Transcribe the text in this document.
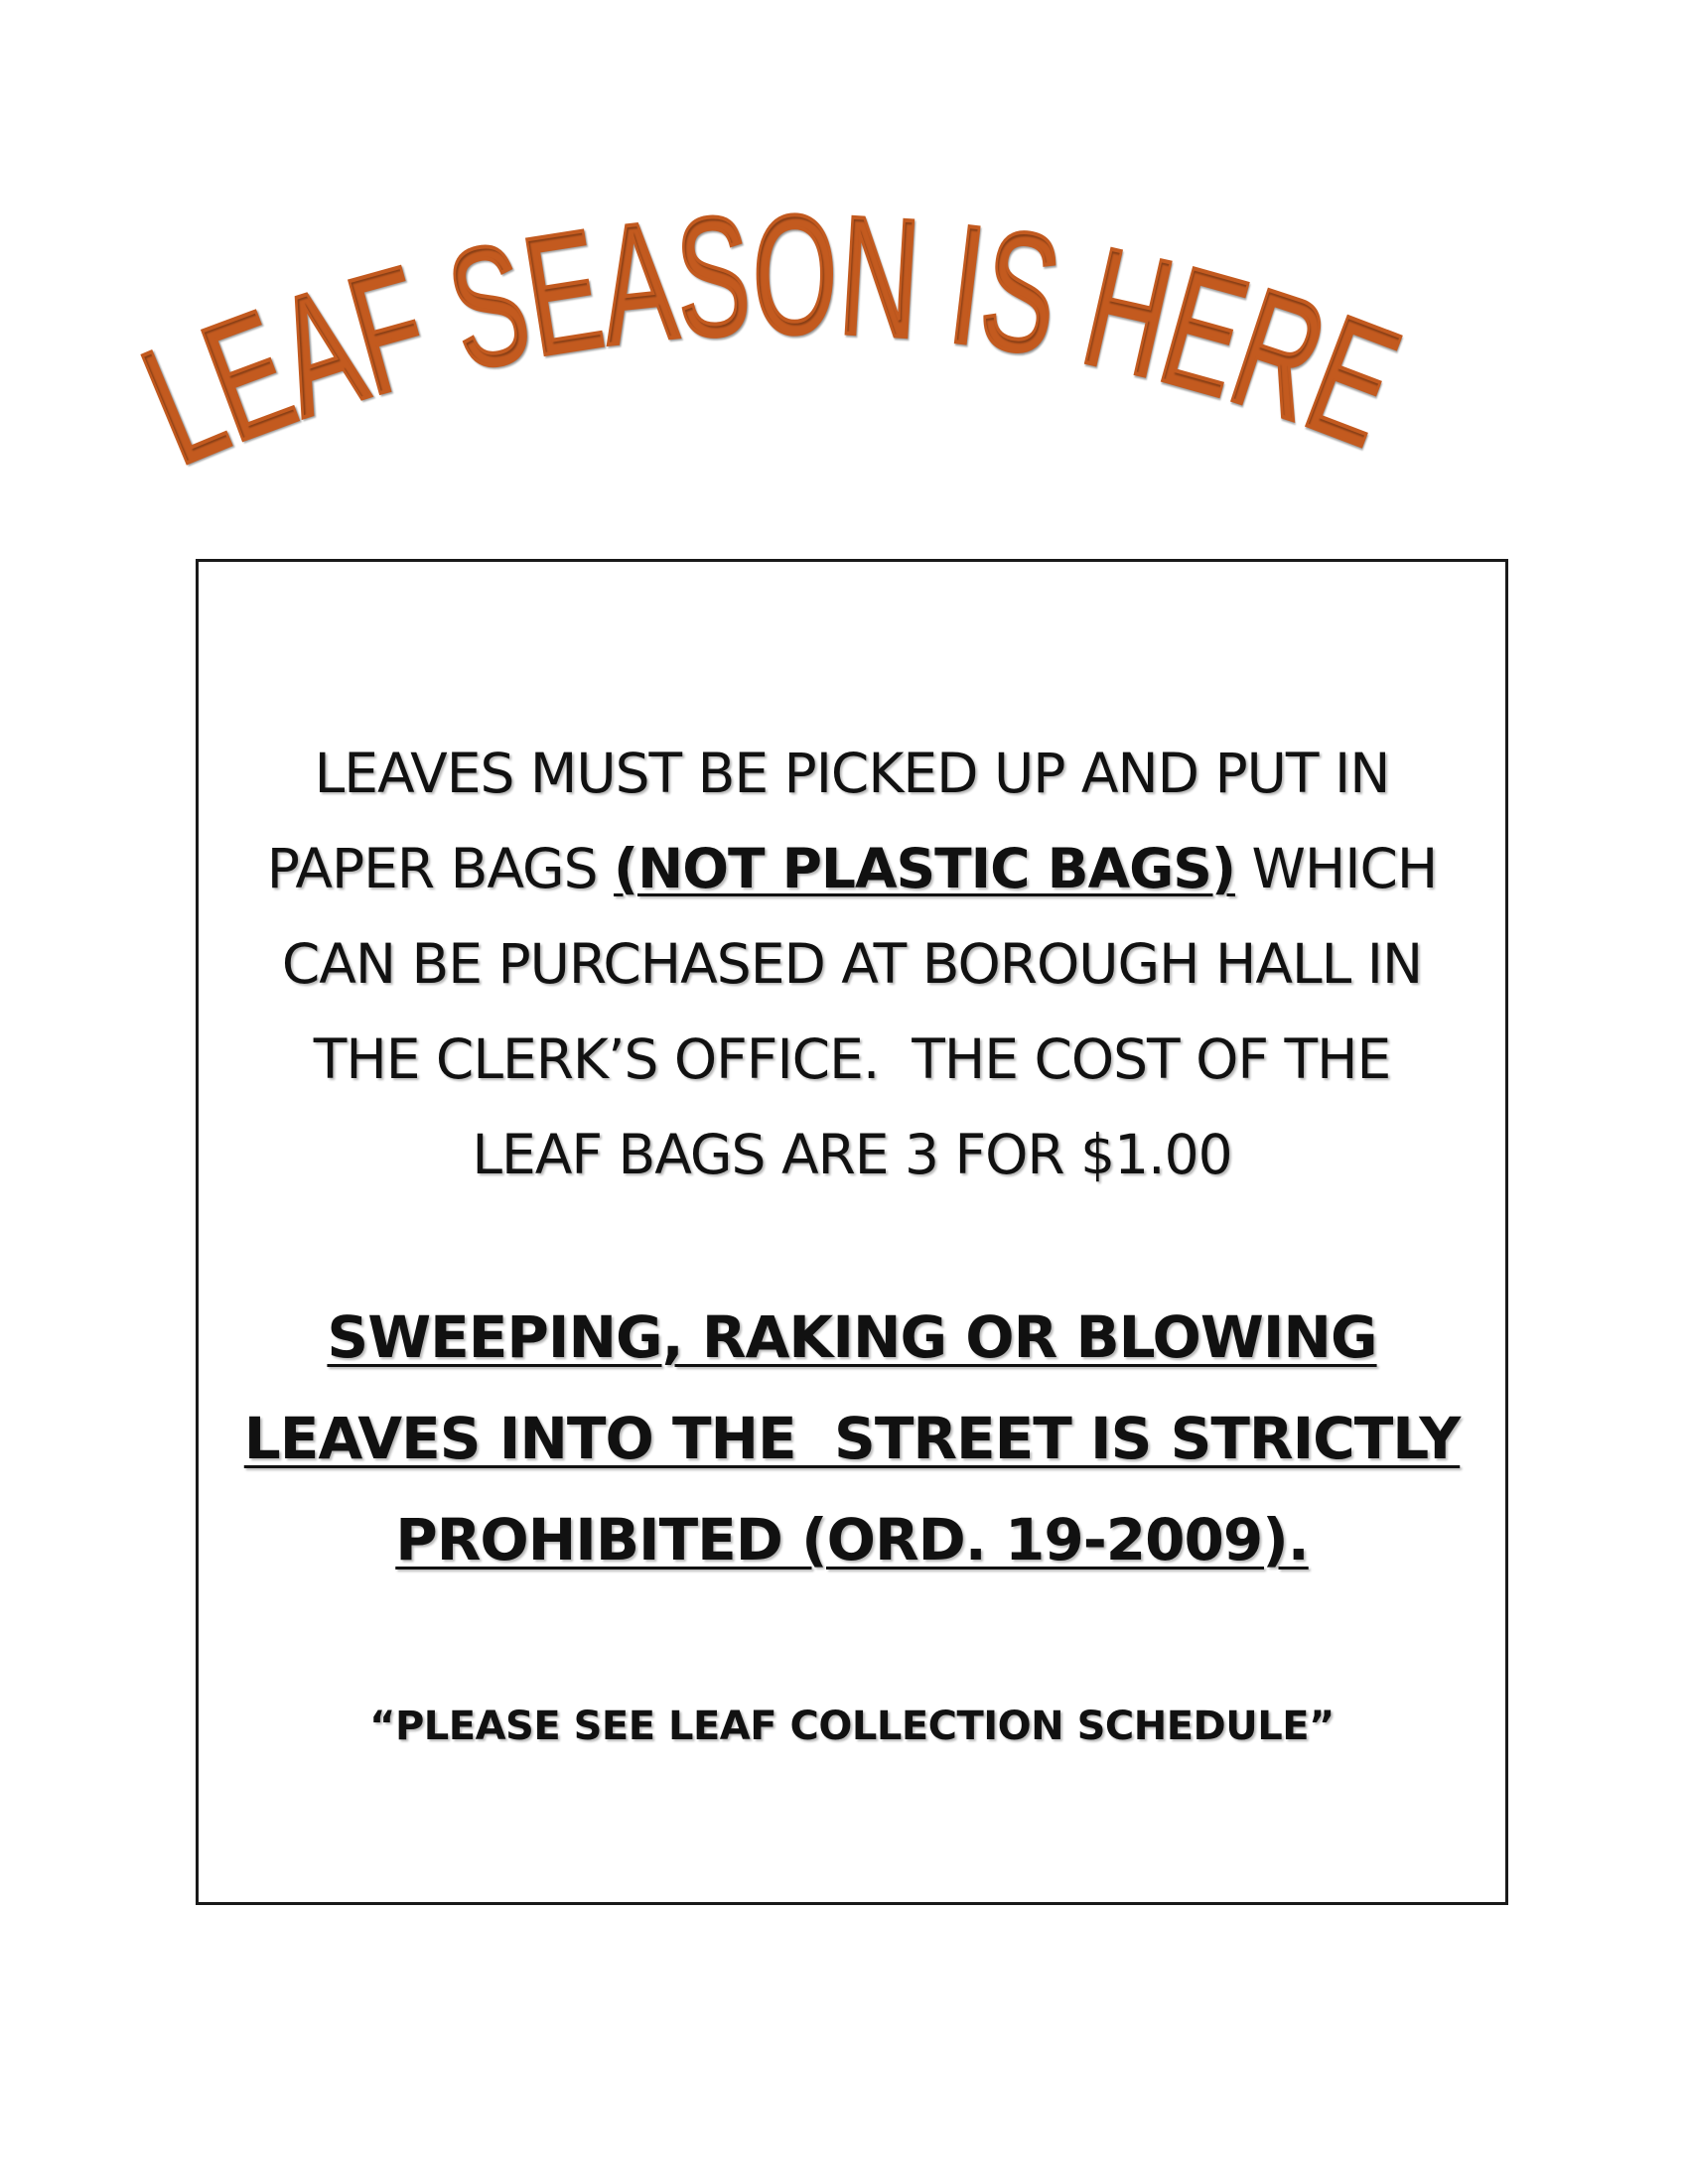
LEAF SEASON IS HERE
LEAVES MUST BE PICKED UP AND PUT IN
PAPER BAGS (NOT PLASTIC BAGS) WHICH
CAN BE PURCHASED AT BOROUGH HALL IN
THE CLERK’S OFFICE.  THE COST OF THE
LEAF BAGS ARE 3 FOR $1.00
SWEEPING, RAKING OR BLOWING
LEAVES INTO THE  STREET IS STRICTLY
PROHIBITED (ORD. 19-2009).
“PLEASE SEE LEAF COLLECTION SCHEDULE”
